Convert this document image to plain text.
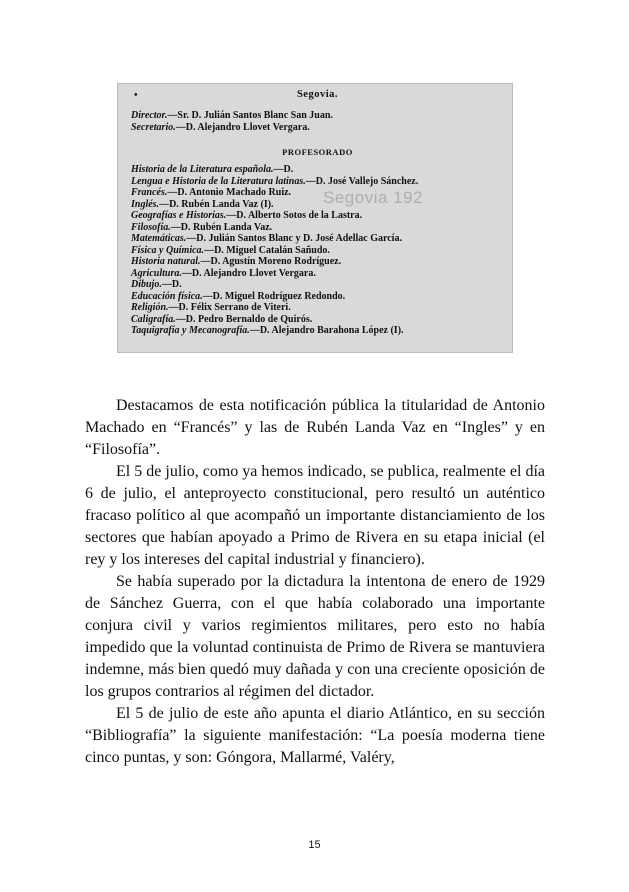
•	Segovia.
Director.—Sr. D. Julián Santos Blanc San Juan.
Secretario.—D. Alejandro Llovet Vergara.
PROFESORADO
Historia de la Literatura española.—D.
Lengua e Historia de la Literatura latinas.—D. José Vallejo Sánchez.
Francés.—D. Antonio Machado Ruiz.
Inglés.—D. Rubén Landa Vaz (I).
Geografías e Historias.—D. Alberto Sotos de la Lastra.
Filosofía.—D. Rubén Landa Vaz.
Matemáticas.—D. Julián Santos Blanc y D. José Adellac García.
Física y Química.—D. Miguel Catalán Sañudo.
Historia natural.—D. Agustín Moreno Rodríguez.
Agricultura.—D. Alejandro Llovet Vergara.
Dibujo.—D.
Educación física.—D. Miguel Rodríguez Redondo.
Religión.—D. Félix Serrano de Viteri.
Caligrafía.—D. Pedro Bernaldo de Quirós.
Taquigrafía y Mecanografía.—D. Alejandro Barahona López (I).
Segovia 192

Destacamos de esta notificación pública la titularidad de Antonio Machado en “Francés” y las de Rubén Landa Vaz en “Ingles” y en “Filosofía”.

El 5 de julio, como ya hemos indicado, se publica, realmente el día 6 de julio, el anteproyecto constitucional, pero resultó un auténtico fracaso político al que acompañó un importante distanciamiento de los sectores que habían apoyado a Primo de Rivera en su etapa inicial (el rey y los intereses del capital industrial y financiero).

Se había superado por la dictadura la intentona de enero de 1929 de Sánchez Guerra, con el que había colaborado una importante conjura civil y varios regimientos militares, pero esto no había impedido que la voluntad continuista de Primo de Rivera se mantuviera indemne, más bien quedó muy dañada y con una creciente oposición de los grupos contrarios al régimen del dictador.

El 5 de julio de este año apunta el diario Atlántico, en su sección “Bibliografía” la siguiente manifestación: “La poesía moderna tiene cinco puntas, y son: Góngora, Mallarmé, Valéry,

15
